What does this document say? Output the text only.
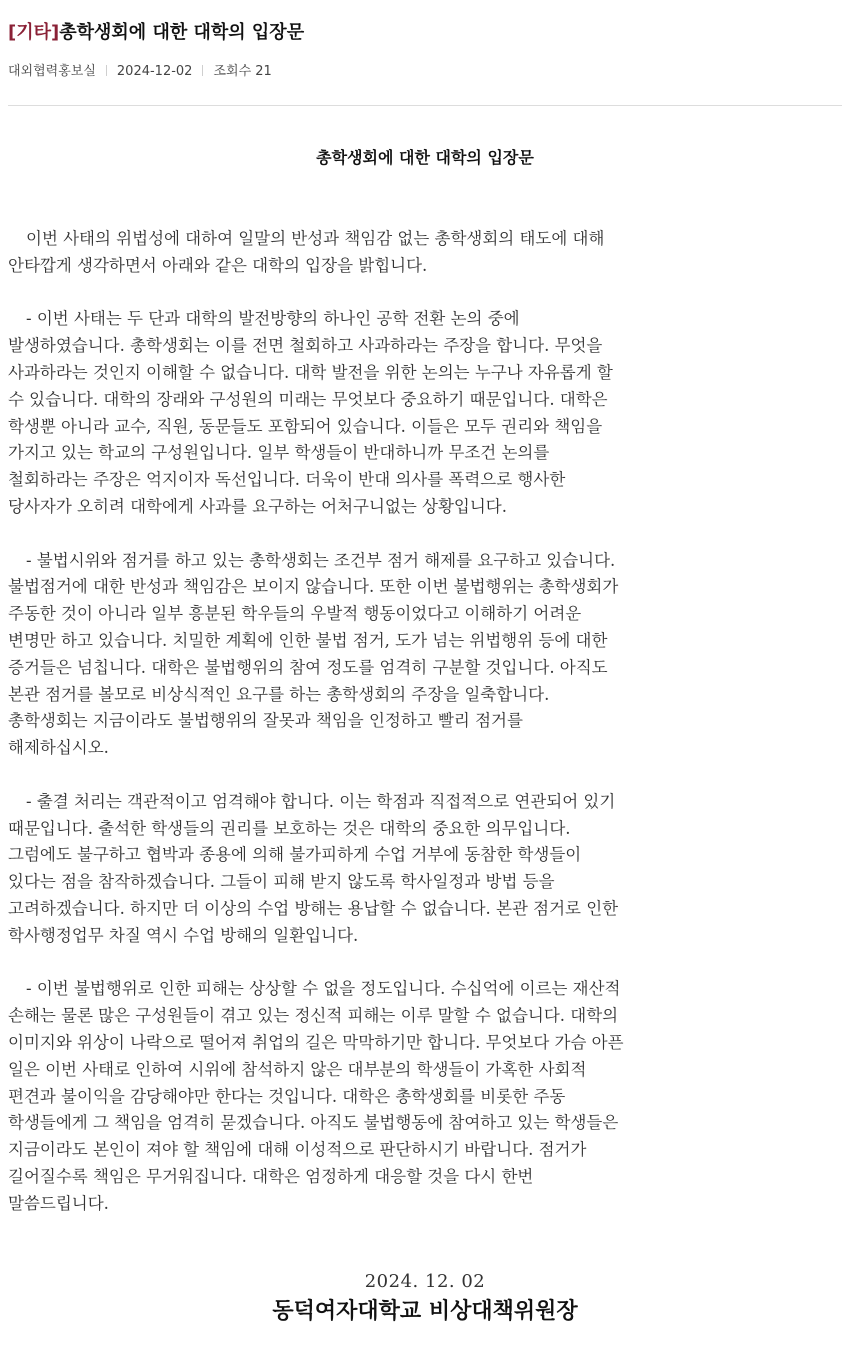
[기타]총학생회에 대한 대학의 입장문
대외협력홍보실 2024-12-02 조회수 21
총학생회에 대한 대학의 입장문

이번 사태의 위법성에 대하여 일말의 반성과 책임감 없는 총학생회의 태도에 대해
안타깝게 생각하면서 아래와 같은 대학의 입장을 밝힙니다.

- 이번 사태는 두 단과 대학의 발전방향의 하나인 공학 전환 논의 중에
발생하였습니다. 총학생회는 이를 전면 철회하고 사과하라는 주장을 합니다. 무엇을
사과하라는 것인지 이해할 수 없습니다. 대학 발전을 위한 논의는 누구나 자유롭게 할
수 있습니다. 대학의 장래와 구성원의 미래는 무엇보다 중요하기 때문입니다. 대학은
학생뿐 아니라 교수, 직원, 동문들도 포함되어 있습니다. 이들은 모두 권리와 책임을
가지고 있는 학교의 구성원입니다. 일부 학생들이 반대하니까 무조건 논의를
철회하라는 주장은 억지이자 독선입니다. 더욱이 반대 의사를 폭력으로 행사한
당사자가 오히려 대학에게 사과를 요구하는 어처구니없는 상황입니다.

- 불법시위와 점거를 하고 있는 총학생회는 조건부 점거 해제를 요구하고 있습니다.
불법점거에 대한 반성과 책임감은 보이지 않습니다. 또한 이번 불법행위는 총학생회가
주동한 것이 아니라 일부 흥분된 학우들의 우발적 행동이었다고 이해하기 어려운
변명만 하고 있습니다. 치밀한 계획에 인한 불법 점거, 도가 넘는 위법행위 등에 대한
증거들은 넘칩니다. 대학은 불법행위의 참여 정도를 엄격히 구분할 것입니다. 아직도
본관 점거를 볼모로 비상식적인 요구를 하는 총학생회의 주장을 일축합니다.
총학생회는 지금이라도 불법행위의 잘못과 책임을 인정하고 빨리 점거를
해제하십시오.

- 출결 처리는 객관적이고 엄격해야 합니다. 이는 학점과 직접적으로 연관되어 있기
때문입니다. 출석한 학생들의 권리를 보호하는 것은 대학의 중요한 의무입니다.
그럼에도 불구하고 협박과 종용에 의해 불가피하게 수업 거부에 동참한 학생들이
있다는 점을 참작하겠습니다. 그들이 피해 받지 않도록 학사일정과 방법 등을
고려하겠습니다. 하지만 더 이상의 수업 방해는 용납할 수 없습니다. 본관 점거로 인한
학사행정업무 차질 역시 수업 방해의 일환입니다.

- 이번 불법행위로 인한 피해는 상상할 수 없을 정도입니다. 수십억에 이르는 재산적
손해는 물론 많은 구성원들이 겪고 있는 정신적 피해는 이루 말할 수 없습니다. 대학의
이미지와 위상이 나락으로 떨어져 취업의 길은 막막하기만 합니다. 무엇보다 가슴 아픈
일은 이번 사태로 인하여 시위에 참석하지 않은 대부분의 학생들이 가혹한 사회적
편견과 불이익을 감당해야만 한다는 것입니다. 대학은 총학생회를 비롯한 주동
학생들에게 그 책임을 엄격히 묻겠습니다. 아직도 불법행동에 참여하고 있는 학생들은
지금이라도 본인이 져야 할 책임에 대해 이성적으로 판단하시기 바랍니다. 점거가
길어질수록 책임은 무거워집니다. 대학은 엄정하게 대응할 것을 다시 한번
말씀드립니다.

2024. 12. 02
동덕여자대학교 비상대책위원장
